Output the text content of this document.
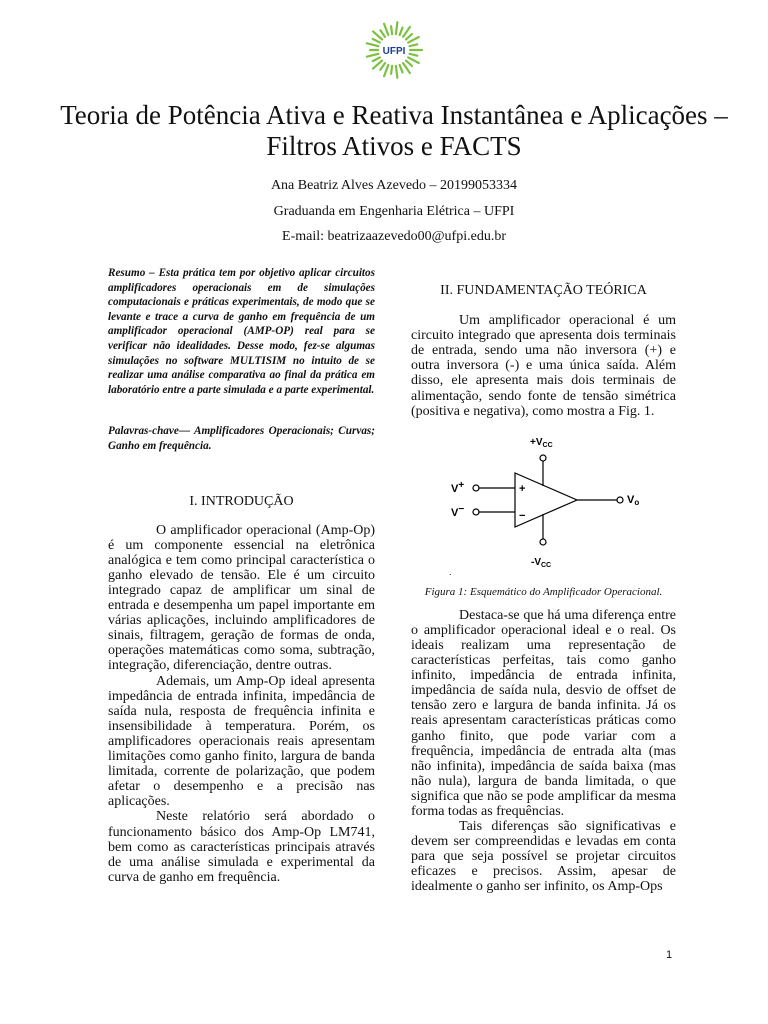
UFPI
Teoria de Potência Ativa e Reativa Instantânea e Aplicações – Filtros Ativos e FACTS
Ana Beatriz Alves Azevedo – 20199053334
Graduanda em Engenharia Elétrica – UFPI
E-mail: beatrizaazevedo00@ufpi.edu.br

Resumo – Esta prática tem por objetivo aplicar circuitos amplificadores operacionais em de simulações computacionais e práticas experimentais, de modo que se levante e trace a curva de ganho em frequência de um amplificador operacional (AMP-OP) real para se verificar não idealidades. Desse modo, fez-se algumas simulações no software MULTISIM no intuito de se realizar uma análise comparativa ao final da prática em laboratório entre a parte simulada e a parte experimental.

Palavras-chave— Amplificadores Operacionais; Curvas; Ganho em frequência.

I. INTRODUÇÃO

O amplificador operacional (Amp-Op) é um componente essencial na eletrônica analógica e tem como principal característica o ganho elevado de tensão. Ele é um circuito integrado capaz de amplificar um sinal de entrada e desempenha um papel importante em várias aplicações, incluindo amplificadores de sinais, filtragem, geração de formas de onda, operações matemáticas como soma, subtração, integração, diferenciação, dentre outras.

Ademais, um Amp-Op ideal apresenta impedância de entrada infinita, impedância de saída nula, resposta de frequência infinita e insensibilidade à temperatura. Porém, os amplificadores operacionais reais apresentam limitações como ganho finito, largura de banda limitada, corrente de polarização, que podem afetar o desempenho e a precisão nas aplicações.

Neste relatório será abordado o funcionamento básico dos Amp-Op LM741, bem como as características principais através de uma análise simulada e experimental da curva de ganho em frequência.

II. FUNDAMENTAÇÃO TEÓRICA

Um amplificador operacional é um circuito integrado que apresenta dois terminais de entrada, sendo uma não inversora (+) e outra inversora (-) e uma única saída. Além disso, ele apresenta mais dois terminais de alimentação, sendo fonte de tensão simétrica (positiva e negativa), como mostra a Fig. 1.

+
−
$+V_{CC}$
$-V_{CC}$
V+
V−
Vo
.

Figura 1: Esquemático do Amplificador Operacional.

Destaca-se que há uma diferença entre o amplificador operacional ideal e o real. Os ideais realizam uma representação de características perfeitas, tais como ganho infinito, impedância de entrada infinita, impedância de saída nula, desvio de offset de tensão zero e largura de banda infinita. Já os reais apresentam características práticas como ganho finito, que pode variar com a frequência, impedância de entrada alta (mas não infinita), impedância de saída baixa (mas não nula), largura de banda limitada, o que significa que não se pode amplificar da mesma forma todas as frequências.

Tais diferenças são significativas e devem ser compreendidas e levadas em conta para que seja possível se projetar circuitos eficazes e precisos. Assim, apesar de idealmente o ganho ser infinito, os Amp-Ops

1
